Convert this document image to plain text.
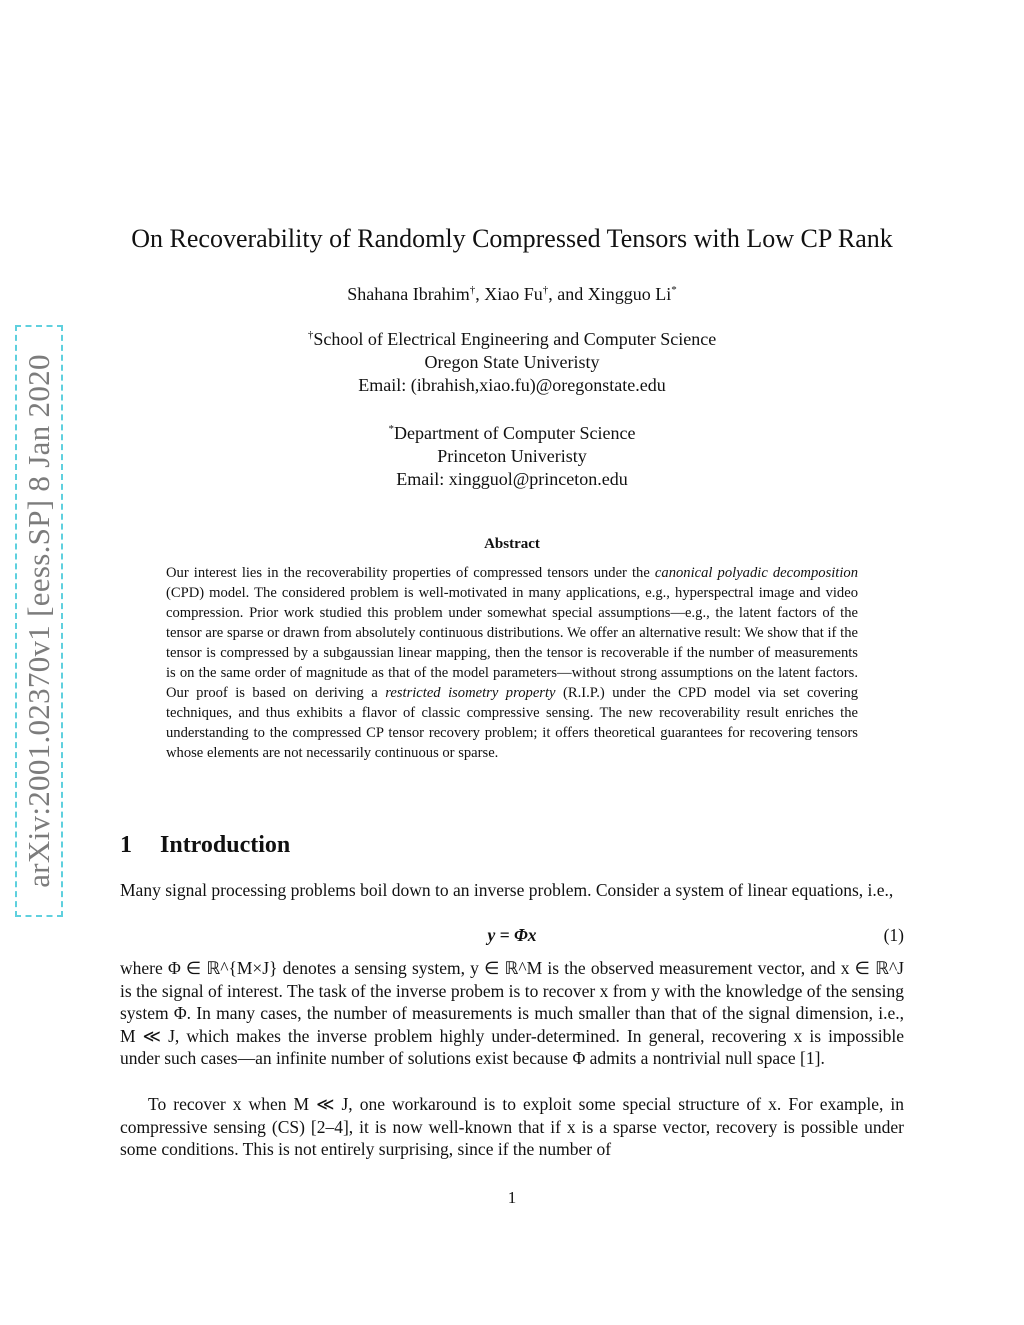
arXiv:2001.02370v1 [eess.SP] 8 Jan 2020
On Recoverability of Randomly Compressed Tensors with Low CP Rank
Shahana Ibrahim†, Xiao Fu†, and Xingguo Li*
†School of Electrical Engineering and Computer Science
Oregon State Univeristy
Email: (ibrahish,xiao.fu)@oregonstate.edu
*Department of Computer Science
Princeton Univeristy
Email: xingguol@princeton.edu
Abstract

Our interest lies in the recoverability properties of compressed tensors under the canonical polyadic decomposition (CPD) model. The considered problem is well-motivated in many applications, e.g., hyperspectral image and video compression. Prior work studied this problem under somewhat special assumptions—e.g., the latent factors of the tensor are sparse or drawn from absolutely continuous distributions. We offer an alternative result: We show that if the tensor is compressed by a subgaussian linear mapping, then the tensor is recoverable if the number of measurements is on the same order of magnitude as that of the model parameters—without strong assumptions on the latent factors. Our proof is based on deriving a restricted isometry property (R.I.P.) under the CPD model via set covering techniques, and thus exhibits a flavor of classic compressive sensing. The new recoverability result enriches the understanding to the compressed CP tensor recovery problem; it offers theoretical guarantees for recovering tensors whose elements are not necessarily continuous or sparse.

1 Introduction

Many signal processing problems boil down to an inverse problem. Consider a system of linear equations, i.e.,

y = Φx	(1)

where Φ ∈ ℝ^{M×J} denotes a sensing system, y ∈ ℝ^M is the observed measurement vector, and x ∈ ℝ^J is the signal of interest. The task of the inverse probem is to recover x from y with the knowledge of the sensing system Φ. In many cases, the number of measurements is much smaller than that of the signal dimension, i.e., M ≪ J, which makes the inverse problem highly under-determined. In general, recovering x is impossible under such cases—an infinite number of solutions exist because Φ admits a nontrivial null space [1].

To recover x when M ≪ J, one workaround is to exploit some special structure of x. For example, in compressive sensing (CS) [2–4], it is now well-known that if x is a sparse vector, recovery is possible under some conditions. This is not entirely surprising, since if the number of

1
